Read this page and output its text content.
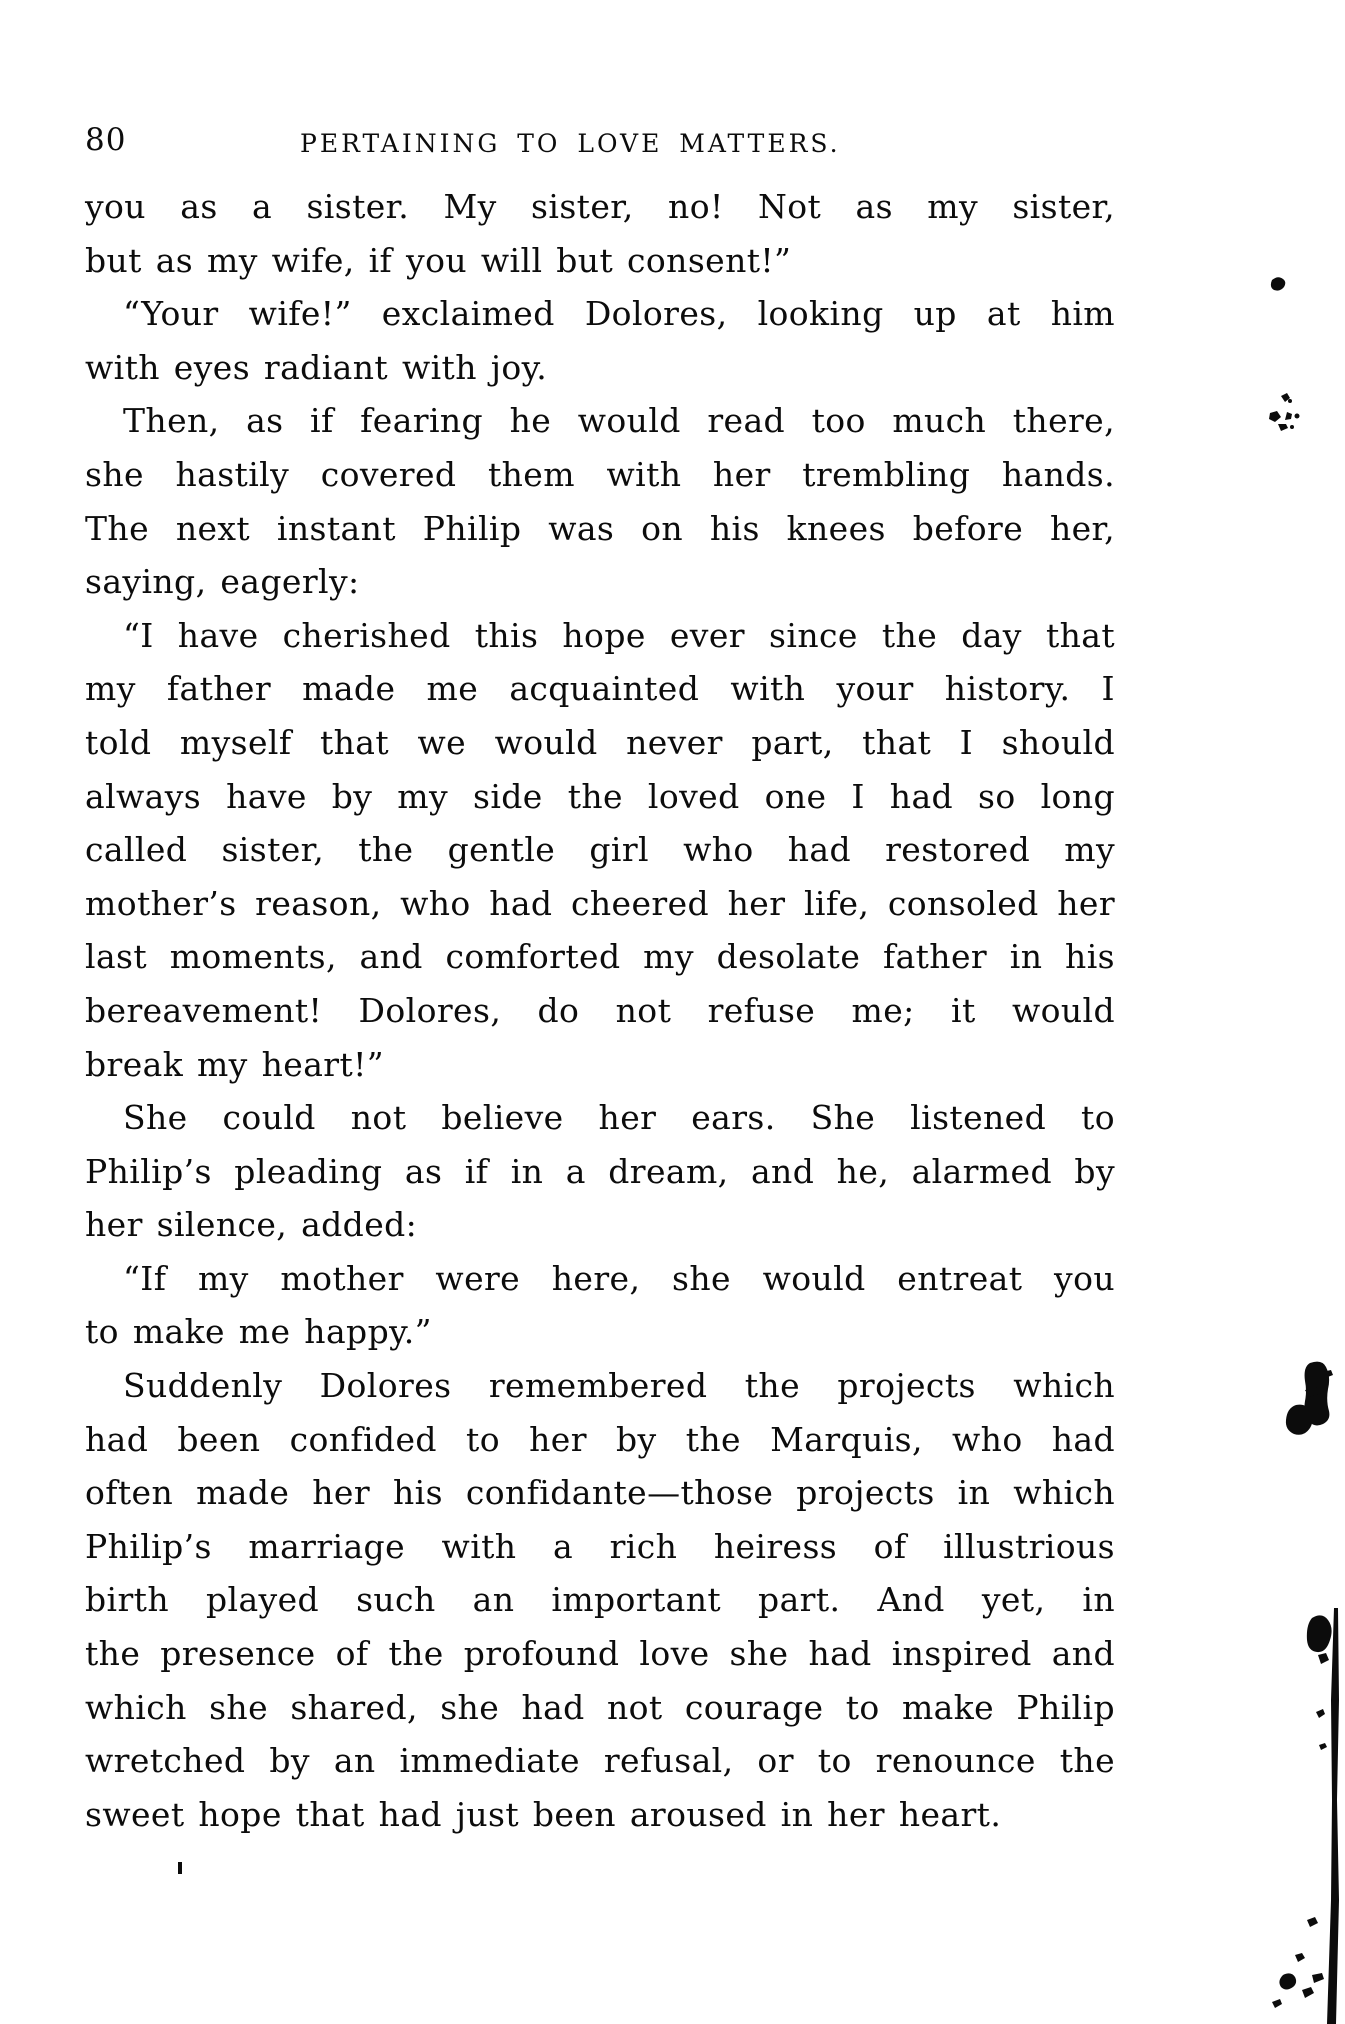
80	PERTAINING TO LOVE MATTERS.
you as a sister. My sister, no! Not as my sister,
but as my wife, if you will but consent!”
“Your wife!” exclaimed Dolores, looking up at him
with eyes radiant with joy.
Then, as if fearing he would read too much there,
she hastily covered them with her trembling hands.
The next instant Philip was on his knees before her,
saying, eagerly:
“I have cherished this hope ever since the day that
my father made me acquainted with your history. I
told myself that we would never part, that I should
always have by my side the loved one I had so long
called sister, the gentle girl who had restored my
mother’s reason, who had cheered her life, consoled her
last moments, and comforted my desolate father in his
bereavement! Dolores, do not refuse me; it would
break my heart!”
She could not believe her ears. She listened to
Philip’s pleading as if in a dream, and he, alarmed by
her silence, added:
“If my mother were here, she would entreat you
to make me happy.”
Suddenly Dolores remembered the projects which
had been confided to her by the Marquis, who had
often made her his confidante—those projects in which
Philip’s marriage with a rich heiress of illustrious
birth played such an important part. And yet, in
the presence of the profound love she had inspired and
which she shared, she had not courage to make Philip
wretched by an immediate refusal, or to renounce the
sweet hope that had just been aroused in her heart.
